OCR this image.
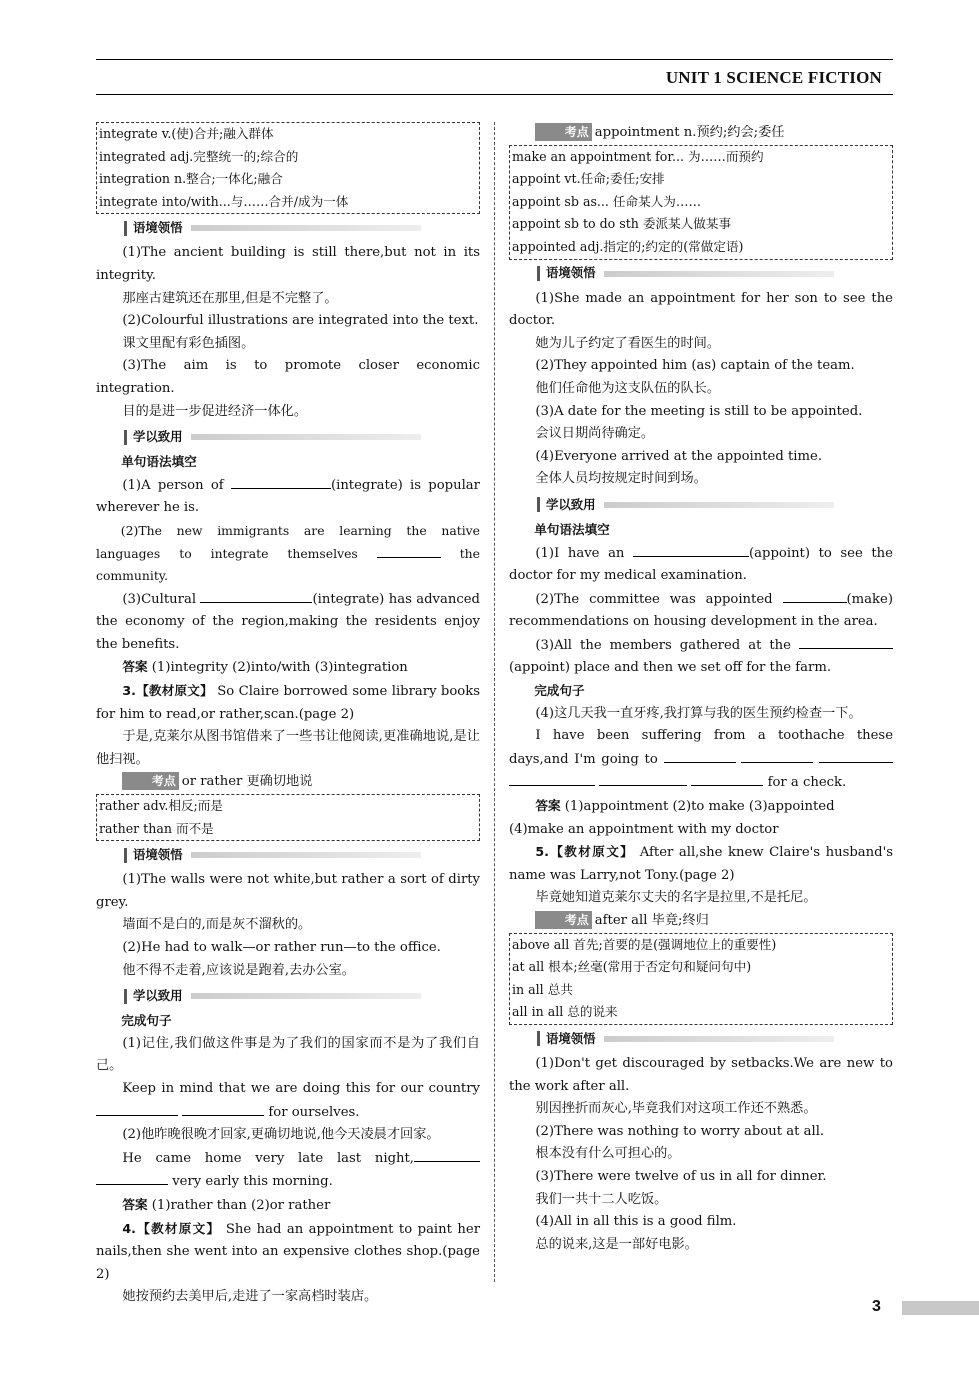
UNIT 1 SCIENCE FICTION
integrate v.(使)合并;融入群体
integrated adj.完整统一的;综合的
integration n.整合;一体化;融合
integrate into/with...与……合并/成为一体
语境领悟

(1)The ancient building is still there,but not in its integrity.

那座古建筑还在那里,但是不完整了。

(2)Colourful illustrations are integrated into the text.

课文里配有彩色插图。

(3)The aim is to promote closer economic integration.

目的是进一步促进经济一体化。

学以致用
单句语法填空

(1)A person of	(integrate) is popular wherever he is.

(2)The new immigrants are learning the native languages to integrate themselves	the community.

(3)Cultural	(integrate) has advanced the economy of the region,making the residents enjoy the benefits.

答案 (1)integrity (2)into/with (3)integration

3.【教材原文】 So Claire borrowed some library books for him to read,or rather,scan.(page 2)

于是,克莱尔从图书馆借来了一些书让他阅读,更准确地说,是让他扫视。

考点 or rather 更确切地说

rather adv.相反;而是
rather than 而不是
语境领悟

(1)The walls were not white,but rather a sort of dirty grey.

墙面不是白的,而是灰不溜秋的。

(2)He had to walk—or rather run—to the office.

他不得不走着,应该说是跑着,去办公室。

学以致用
完成句子

(1)记住,我们做这件事是为了我们的国家而不是为了我们自己。

Keep in mind that we are doing this for our country   for ourselves.

(2)他昨晚很晚才回家,更确切地说,他今天凌晨才回家。

He came home very late last night,  very early this morning.

答案 (1)rather than (2)or rather

4.【教材原文】 She had an appointment to paint her nails,then she went into an expensive clothes shop.(page 2)

她按预约去美甲后,走进了一家高档时装店。

考点 appointment n.预约;约会;委任

make an appointment for... 为……而预约
appoint vt.任命;委任;安排
appoint sb as... 任命某人为……
appoint sb to do sth 委派某人做某事
appointed adj.指定的;约定的(常做定语)
语境领悟

(1)She made an appointment for her son to see the doctor.

她为儿子约定了看医生的时间。

(2)They appointed him (as) captain of the team.

他们任命他为这支队伍的队长。

(3)A date for the meeting is still to be appointed.

会议日期尚待确定。

(4)Everyone arrived at the appointed time.

全体人员均按规定时间到场。

学以致用
单句语法填空

(1)I have an	(appoint) to see the doctor for my medical examination.

(2)The committee was appointed	(make) recommendations on housing development in the area.

(3)All the members gathered at the  (appoint) place and then we set off for the farm.

完成句子

(4)这几天我一直牙疼,我打算与我的医生预约检查一下。

I have been suffering from a toothache these days,and I'm going to       for a check.

答案 (1)appointment (2)to make (3)appointed

(4)make an appointment with my doctor

5.【教材原文】 After all,she knew Claire's husband's name was Larry,not Tony.(page 2)

毕竟她知道克莱尔丈夫的名字是拉里,不是托尼。

考点 after all 毕竟;终归

above all 首先;首要的是(强调地位上的重要性)
at all 根本;丝毫(常用于否定句和疑问句中)
in all 总共
all in all 总的说来
语境领悟

(1)Don't get discouraged by setbacks.We are new to the work after all.

别因挫折而灰心,毕竟我们对这项工作还不熟悉。

(2)There was nothing to worry about at all.

根本没有什么可担心的。

(3)There were twelve of us in all for dinner.

我们一共十二人吃饭。

(4)All in all this is a good film.

总的说来,这是一部好电影。

3
